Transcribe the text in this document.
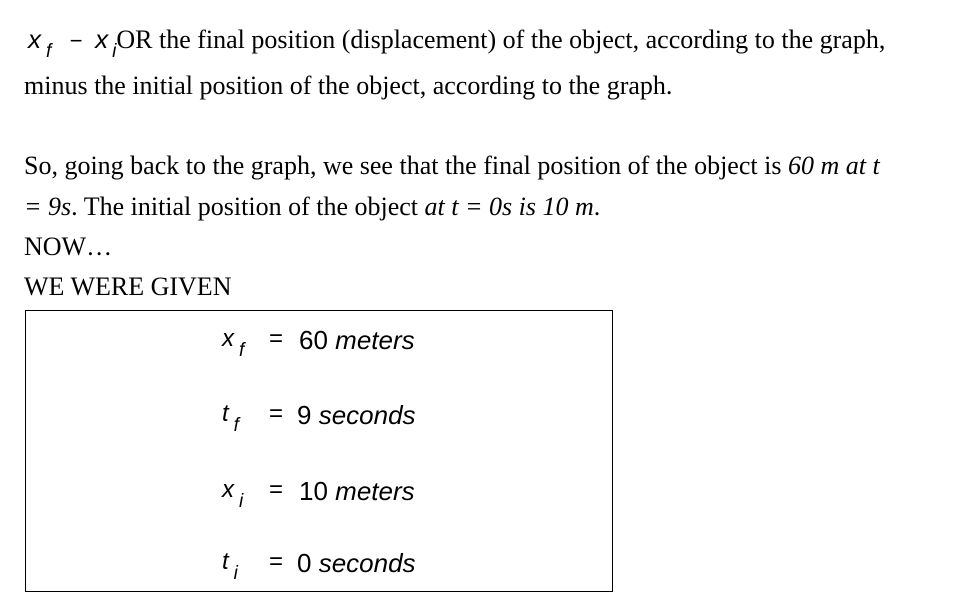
x $_f$ − x $_i$OR the final position (displacement) of the object, according to the graph,
minus the initial position of the object, according to the graph.
So, going back to the graph, we see that the final position of the object is 60 m at t
= 9s. The initial position of the object at t = 0s is 10 m.
NOW…
WE WERE GIVEN
x $_f$ = 60 meters
t $_f$ = 9 seconds
x $_i$ = 10 meters
t $_i$ = 0 seconds
